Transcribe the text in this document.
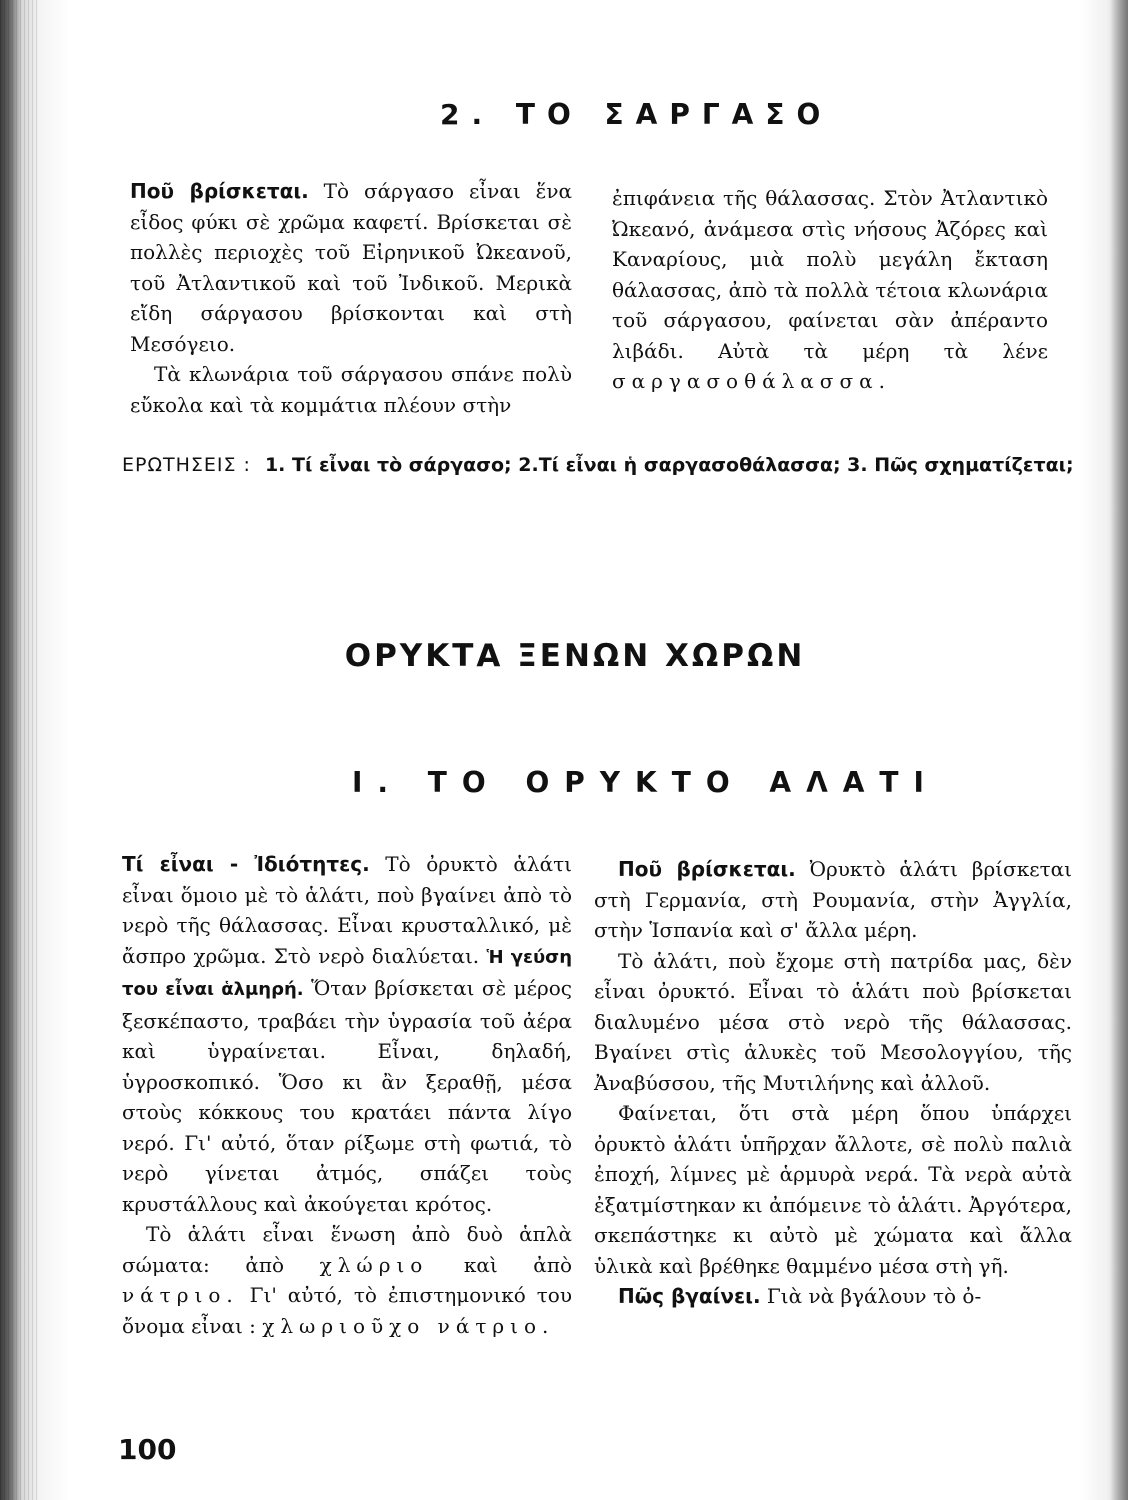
2. ΤΟ ΣΑΡΓΑΣΟ

Ποῦ βρίσκεται. Τὸ σάργασο εἶναι ἕνα εἶδος φύκι σὲ χρῶμα καφετί. Βρίσκεται σὲ πολλὲς περιοχὲς τοῦ Εἰρηνικοῦ Ὠκεανοῦ, τοῦ Ἀτλαντικοῦ καὶ τοῦ Ἰνδικοῦ. Μερικὰ εἴδη σάργασου βρίσκονται καὶ στὴ Μεσόγειο.

Τὰ κλωνάρια τοῦ σάργασου σπάνε πολὺ εὔκολα καὶ τὰ κομμάτια πλέουν στὴν

ἐπιφάνεια τῆς θάλασσας. Στὸν Ἀτλαντικὸ Ὠκεανό, ἀνάμεσα στὶς νήσους Ἀζόρες καὶ Καναρίους, μιὰ πολὺ μεγάλη ἔκταση θάλασσας, ἀπὸ τὰ πολλὰ τέτοια κλωνάρια τοῦ σάργασου, φαίνεται σὰν ἀπέραντο λιβάδι. Αὐτὰ τὰ μέρη τὰ λένε σαργασοθάλασσα.

ΕΡΩΤΗΣΕΙΣ : 1. Τί εἶναι τὸ σάργασο; 2.Τί εἶναι ἡ σαργασοθάλασσα; 3. Πῶς σχηματίζεται;
ΟΡΥΚΤΑ ΞΕΝΩΝ ΧΩΡΩΝ
Ι. ΤΟ ΟΡΥΚΤΟ ΑΛΑΤΙ

Τί εἶναι - Ἰδιότητες. Τὸ ὀρυκτὸ ἁλάτι εἶναι ὅμοιο μὲ τὸ ἁλάτι, ποὺ βγαίνει ἀπὸ τὸ νερὸ τῆς θάλασσας. Εἶναι κρυσταλλικό, μὲ ἄσπρο χρῶμα. Στὸ νερὸ διαλύεται. Ἡ γεύση του εἶναι ἁλμηρή. Ὅταν βρίσκεται σὲ μέρος ξεσκέπαστο, τραβάει τὴν ὑγρασία τοῦ ἀέρα καὶ ὑγραίνεται. Εἶναι, δηλαδή, ὑγροσκοπικό. Ὅσο κι ἂν ξεραθῇ, μέσα στοὺς κόκκους του κρατάει πάντα λίγο νερό. Γι' αὐτό, ὅταν ρίξωμε στὴ φωτιά, τὸ νερὸ γίνεται ἀτμός, σπάζει τοὺς κρυστάλλους καὶ ἀκούγεται κρότος.

Τὸ ἁλάτι εἶναι ἕνωση ἀπὸ δυὸ ἁπλὰ σώματα: ἀπὸ χλώριο καὶ ἀπὸ νάτριο. Γι' αὐτό, τὸ ἐπιστημονικό του ὄνομα εἶναι : χλωριοῦχο νάτριο.

Ποῦ βρίσκεται. Ὀρυκτὸ ἁλάτι βρίσκεται στὴ Γερμανία, στὴ Ρουμανία, στὴν Ἀγγλία, στὴν Ἱσπανία καὶ σ' ἄλλα μέρη.

Τὸ ἁλάτι, ποὺ ἔχομε στὴ πατρίδα μας, δὲν εἶναι ὀρυκτό. Εἶναι τὸ ἁλάτι ποὺ βρίσκεται διαλυμένο μέσα στὸ νερὸ τῆς θάλασσας. Βγαίνει στὶς ἁλυκὲς τοῦ Μεσολογγίου, τῆς Ἀναβύσσου, τῆς Μυτιλήνης καὶ ἀλλοῦ.

Φαίνεται, ὅτι στὰ μέρη ὅπου ὑπάρχει ὀρυκτὸ ἁλάτι ὑπῆρχαν ἄλλοτε, σὲ πολὺ παλιὰ ἐποχή, λίμνες μὲ ἁρμυρὰ νερά. Τὰ νερὰ αὐτὰ ἐξατμίστηκαν κι ἀπόμεινε τὸ ἁλάτι. Ἀργότερα, σκεπάστηκε κι αὐτὸ μὲ χώματα καὶ ἄλλα ὑλικὰ καὶ βρέθηκε θαμμένο μέσα στὴ γῆ.

Πῶς βγαίνει. Γιὰ νὰ βγάλουν τὸ ὀ-

100
